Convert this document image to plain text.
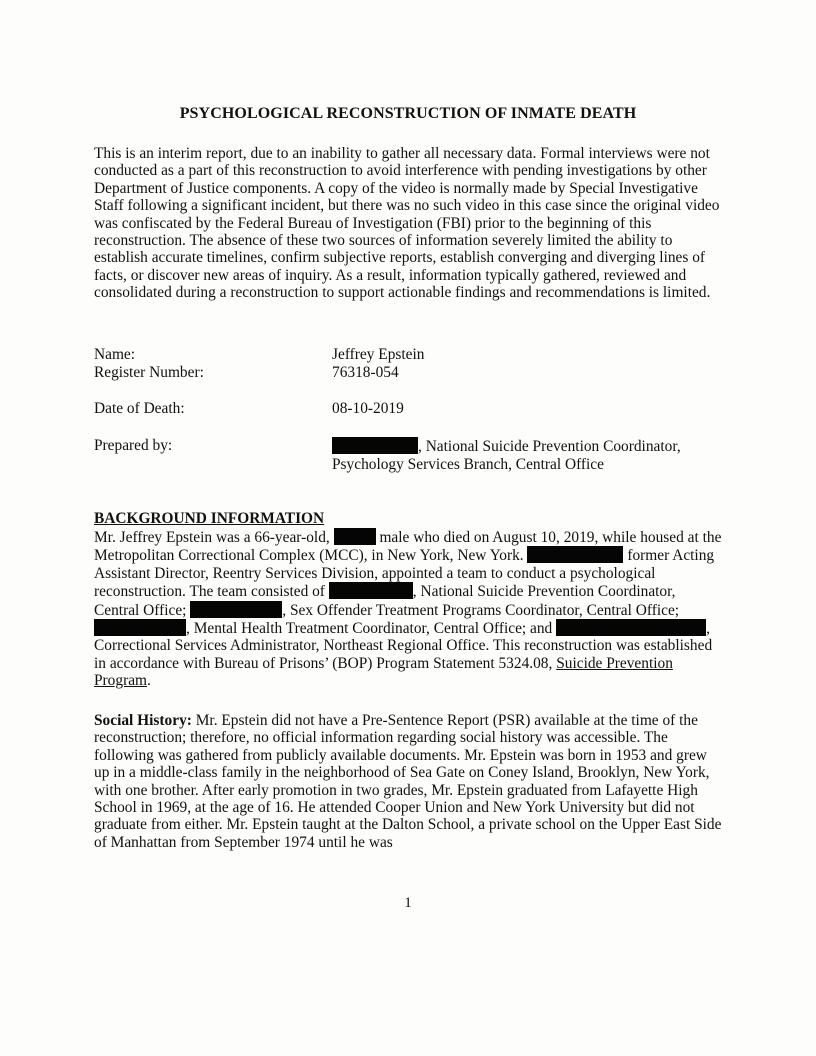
PSYCHOLOGICAL RECONSTRUCTION OF INMATE DEATH

This is an interim report, due to an inability to gather all necessary data. Formal interviews were not conducted as a part of this reconstruction to avoid interference with pending investigations by other Department of Justice components. A copy of the video is normally made by Special Investigative Staff following a significant incident, but there was no such video in this case since the original video was confiscated by the Federal Bureau of Investigation (FBI) prior to the beginning of this reconstruction. The absence of these two sources of information severely limited the ability to establish accurate timelines, confirm subjective reports, establish converging and diverging lines of facts, or discover new areas of inquiry. As a result, information typically gathered, reviewed and consolidated during a reconstruction to support actionable findings and recommendations is limited.

Name:	Jeffrey Epstein
Register Number:	76318-054
Date of Death:	08-10-2019
Prepared by:	, National Suicide Prevention Coordinator,
Psychology Services Branch, Central Office
BACKGROUND INFORMATION

Mr. Jeffrey Epstein was a 66-year-old,	male who died on August 10, 2019, while housed at the Metropolitan Correctional Complex (MCC), in New York, New York.	former Acting Assistant Director, Reentry Services Division, appointed a team to conduct a psychological reconstruction. The team consisted of	, National Suicide Prevention Coordinator, Central Office;	, Sex Offender Treatment Programs Coordinator, Central Office; , Mental Health Treatment Coordinator, Central Office; and	, Correctional Services Administrator, Northeast Regional Office. This reconstruction was established in accordance with Bureau of Prisons’ (BOP) Program Statement 5324.08, Suicide Prevention Program.

Social History: Mr. Epstein did not have a Pre-Sentence Report (PSR) available at the time of the reconstruction; therefore, no official information regarding social history was accessible. The following was gathered from publicly available documents. Mr. Epstein was born in 1953 and grew up in a middle-class family in the neighborhood of Sea Gate on Coney Island, Brooklyn, New York, with one brother. After early promotion in two grades, Mr. Epstein graduated from Lafayette High School in 1969, at the age of 16. He attended Cooper Union and New York University but did not graduate from either. Mr. Epstein taught at the Dalton School, a private school on the Upper East Side of Manhattan from September 1974 until he was

1
